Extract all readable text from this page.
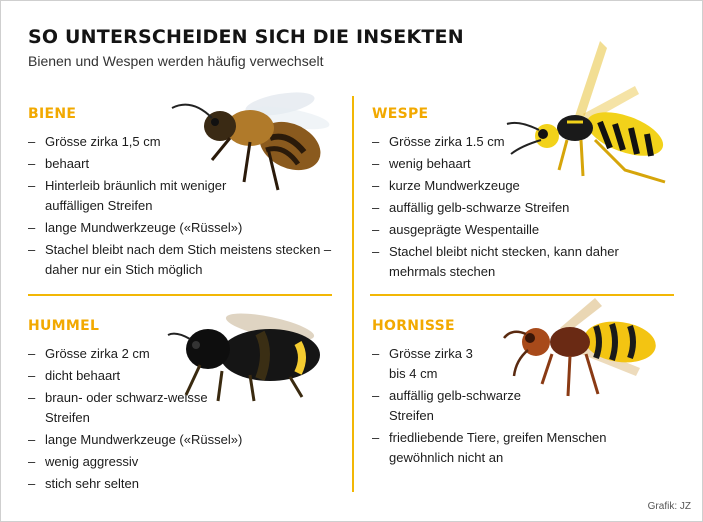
SO UNTERSCHEIDEN SICH DIE INSEKTEN
Bienen und Wespen werden häufig verwechselt
BIENE
– Grösse zirka 1,5 cm
– behaart
– Hinterleib bräunlich mit weniger auffälligen Streifen
– lange Mundwerkzeuge («Rüssel»)
– Stachel bleibt nach dem Stich meistens stecken – daher nur ein Stich möglich
WESPE
– Grösse zirka 1.5 cm
– wenig behaart
– kurze Mundwerkzeuge
– auffällig gelb-schwarze Streifen
– ausgeprägte Wespentaille
– Stachel bleibt nicht stecken, kann daher mehrmals stechen
HUMMEL
– Grösse zirka 2 cm
– dicht behaart
– braun- oder schwarz-weisse Streifen
– lange Mundwerkzeuge («Rüssel»)
– wenig aggressiv
– stich sehr selten
HORNISSE
– Grösse zirka 3 bis 4 cm
– auffällig gelb-schwarze Streifen
– friedliebende Tiere, greifen Menschen gewöhnlich nicht an
Grafik: JZ
